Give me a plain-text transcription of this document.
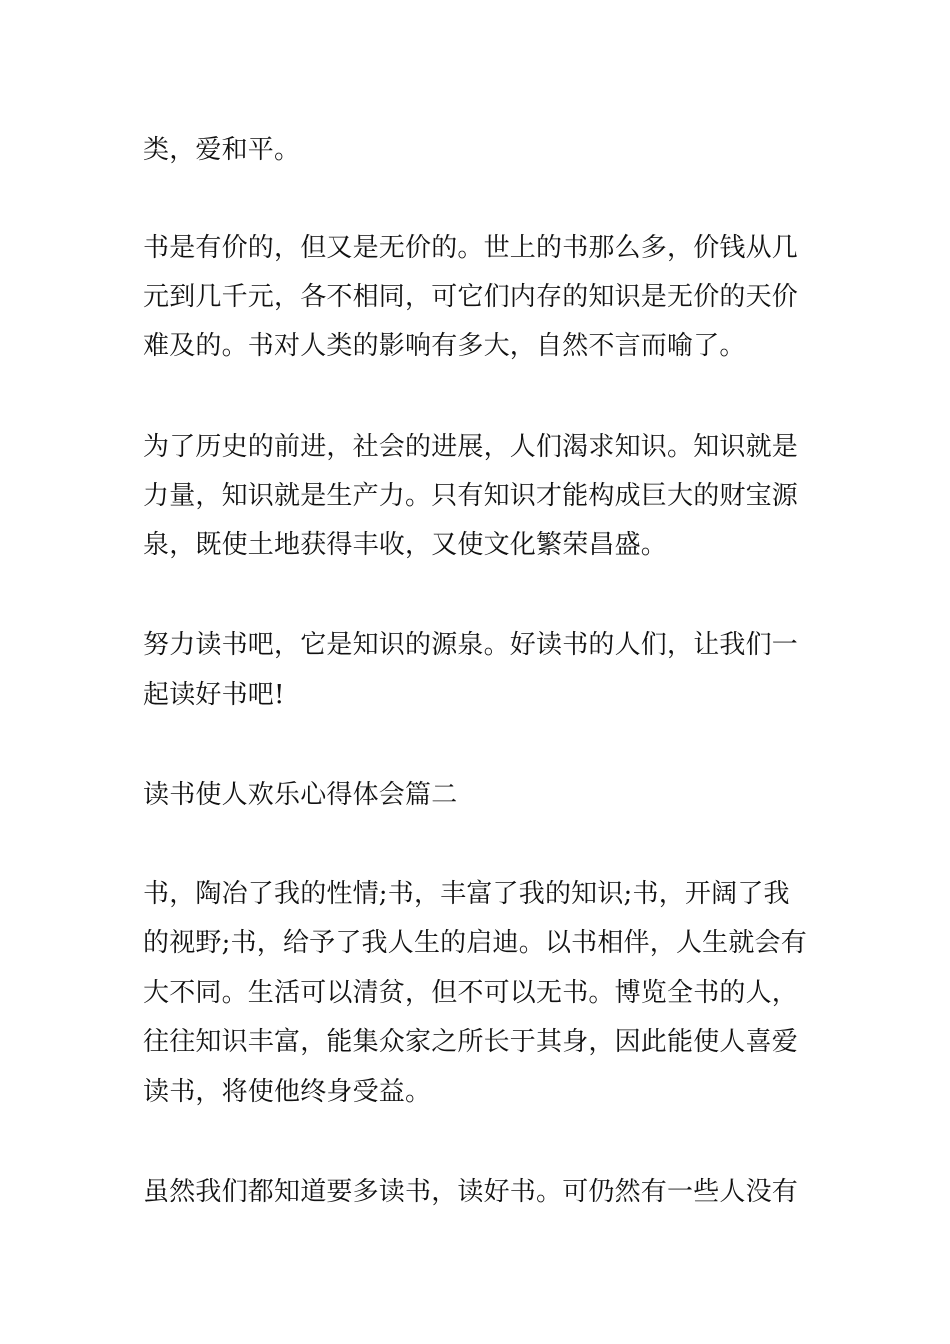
类，爱和平。
书是有价的，但又是无价的。世上的书那么多，价钱从几
元到几千元，各不相同，可它们内存的知识是无价的天价
难及的。书对人类的影响有多大，自然不言而喻了。
为了历史的前进，社会的进展，人们渴求知识。知识就是
力量，知识就是生产力。只有知识才能构成巨大的财宝源
泉，既使土地获得丰收，又使文化繁荣昌盛。
努力读书吧，它是知识的源泉。好读书的人们，让我们一
起读好书吧!
读书使人欢乐心得体会篇二
书，陶冶了我的性情;书，丰富了我的知识;书，开阔了我
的视野;书，给予了我人生的启迪。以书相伴，人生就会有
大不同。生活可以清贫，但不可以无书。博览全书的人，
往往知识丰富，能集众家之所长于其身，因此能使人喜爱
读书，将使他终身受益。
虽然我们都知道要多读书，读好书。可仍然有一些人没有
